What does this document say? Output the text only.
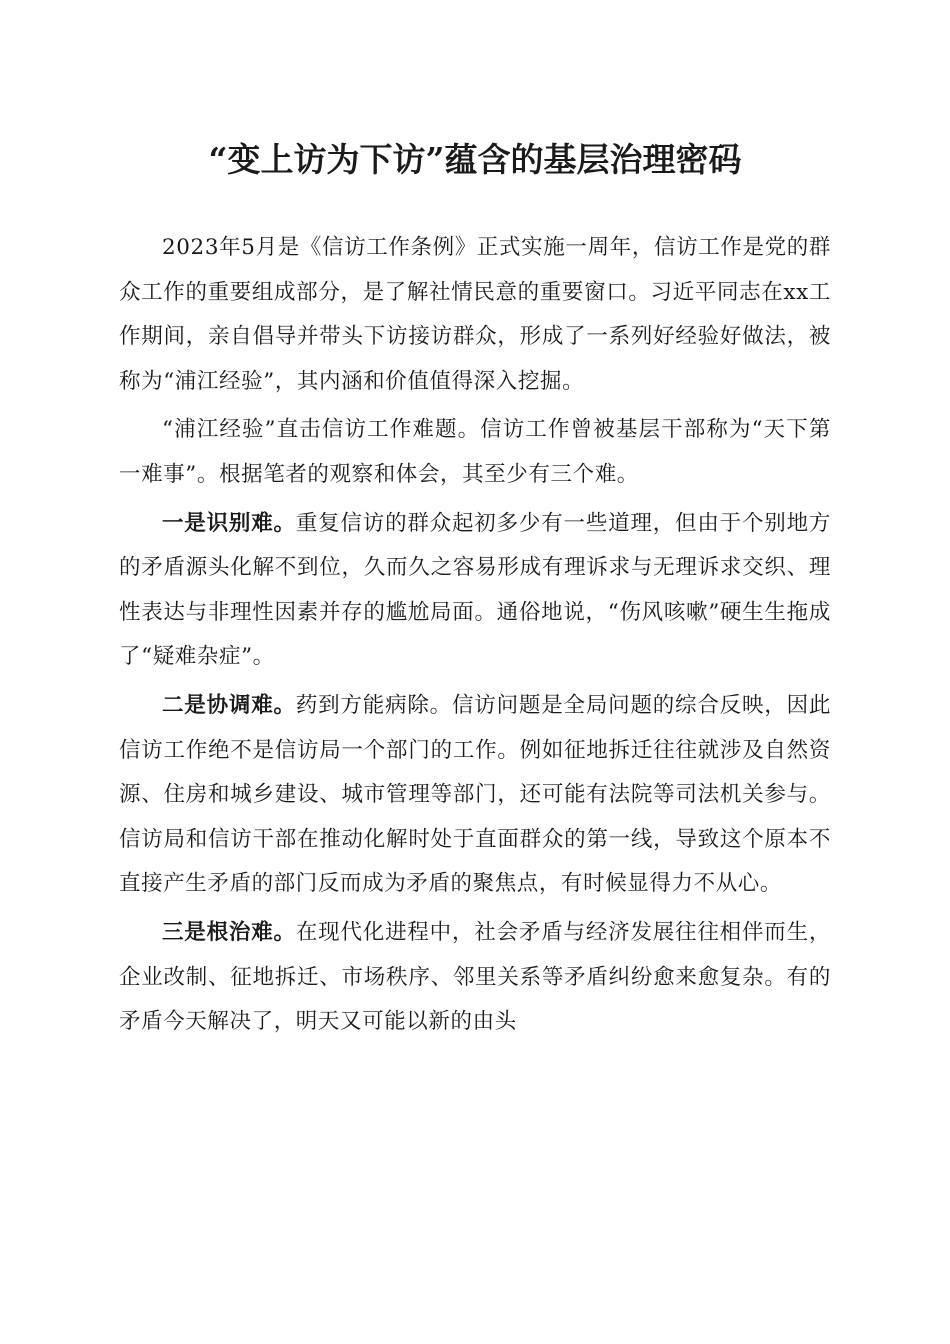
“变上访为下访”蕴含的基层治理密码

2023年5月是《信访工作条例》正式实施一周年，信访工作是党的群众工作的重要组成部分，是了解社情民意的重要窗口。习近平同志在xx工作期间，亲自倡导并带头下访接访群众，形成了一系列好经验好做法，被称为“浦江经验”，其内涵和价值值得深入挖掘。

“浦江经验”直击信访工作难题。信访工作曾被基层干部称为“天下第一难事”。根据笔者的观察和体会，其至少有三个难。

一是识别难。重复信访的群众起初多少有一些道理，但由于个别地方的矛盾源头化解不到位，久而久之容易形成有理诉求与无理诉求交织、理性表达与非理性因素并存的尴尬局面。通俗地说，“伤风咳嗽”硬生生拖成了“疑难杂症”。

二是协调难。药到方能病除。信访问题是全局问题的综合反映，因此信访工作绝不是信访局一个部门的工作。例如征地拆迁往往就涉及自然资源、住房和城乡建设、城市管理等部门，还可能有法院等司法机关参与。信访局和信访干部在推动化解时处于直面群众的第一线，导致这个原本不直接产生矛盾的部门反而成为矛盾的聚焦点，有时候显得力不从心。

三是根治难。在现代化进程中，社会矛盾与经济发展往往相伴而生，企业改制、征地拆迁、市场秩序、邻里关系等矛盾纠纷愈来愈复杂。有的矛盾今天解决了，明天又可能以新的由头
